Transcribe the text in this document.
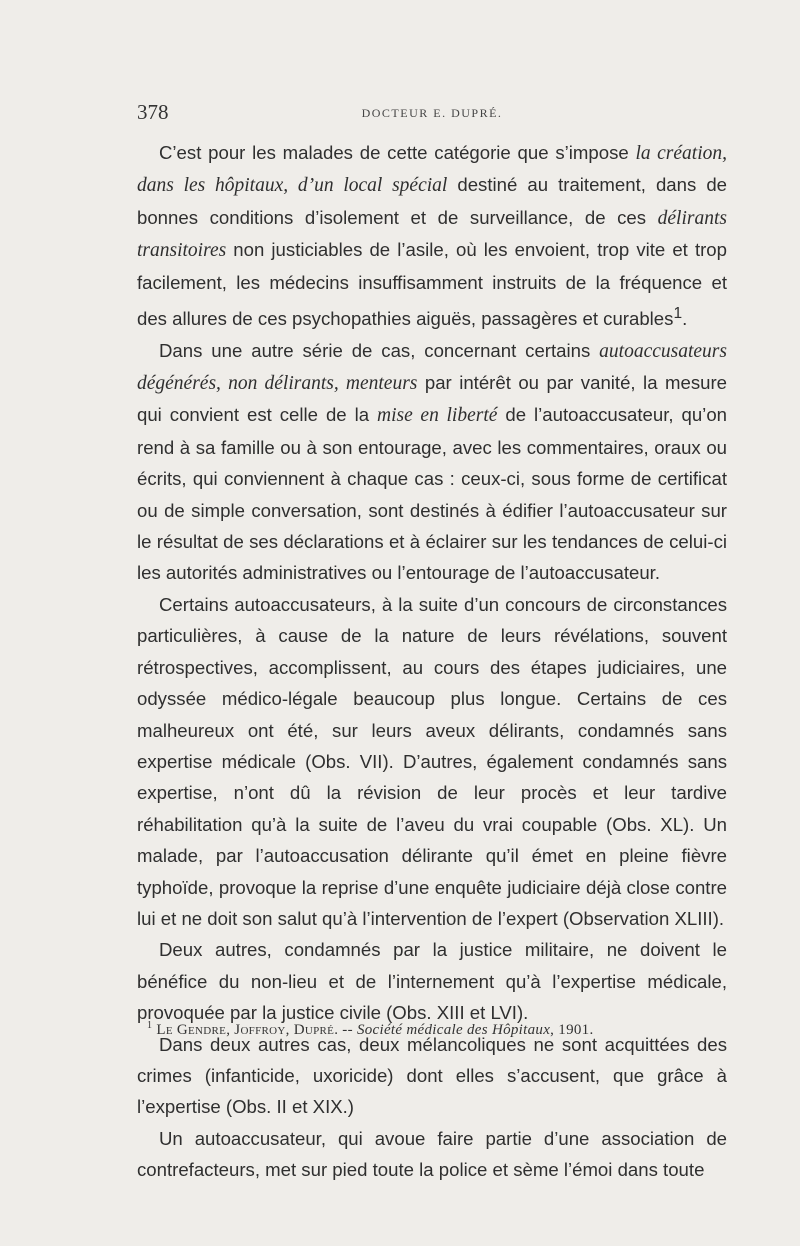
378	DOCTEUR E. DUPRÉ.

C’est pour les malades de cette catégorie que s’impose la création, dans les hôpitaux, d’un local spécial destiné au traitement, dans de bonnes conditions d’isolement et de surveillance, de ces délirants transitoires non justiciables de l’asile, où les envoient, trop vite et trop facilement, les médecins insuffisamment instruits de la fréquence et des allures de ces psychopathies aiguës, passagères et curables$^1$.

Dans une autre série de cas, concernant certains autoaccusateurs dégénérés, non délirants, menteurs par intérêt ou par vanité, la mesure qui convient est celle de la mise en liberté de l’autoaccusateur, qu’on rend à sa famille ou à son entourage, avec les commentaires, oraux ou écrits, qui conviennent à chaque cas : ceux-ci, sous forme de certificat ou de simple conversation, sont destinés à édifier l’autoaccusateur sur le résultat de ses déclarations et à éclairer sur les tendances de celui-ci les autorités administratives ou l’entourage de l’autoaccusateur.

Certains autoaccusateurs, à la suite d’un concours de circonstances particulières, à cause de la nature de leurs révélations, souvent rétrospectives, accomplissent, au cours des étapes judiciaires, une odyssée médico-légale beaucoup plus longue. Certains de ces malheureux ont été, sur leurs aveux délirants, condamnés sans expertise médicale (Obs. VII). D’autres, également condamnés sans expertise, n’ont dû la révision de leur procès et leur tardive réhabilitation qu’à la suite de l’aveu du vrai coupable (Obs. XL). Un malade, par l’autoaccusation délirante qu’il émet en pleine fièvre typhoïde, provoque la reprise d’une enquête judiciaire déjà close contre lui et ne doit son salut qu’à l’intervention de l’expert (Observation XLIII).

Deux autres, condamnés par la justice militaire, ne doivent le bénéfice du non-lieu et de l’internement qu’à l’expertise médicale, provoquée par la justice civile (Obs. XIII et LVI).

Dans deux autres cas, deux mélancoliques ne sont acquittées des crimes (infanticide, uxoricide) dont elles s’accusent, que grâce à l’expertise (Obs. II et XIX.)

Un autoaccusateur, qui avoue faire partie d’une association de contrefacteurs, met sur pied toute la police et sème l’émoi dans toute

$^1$ Le Gendre, Joffroy, Dupré. -- Société médicale des Hôpitaux, 1901.
